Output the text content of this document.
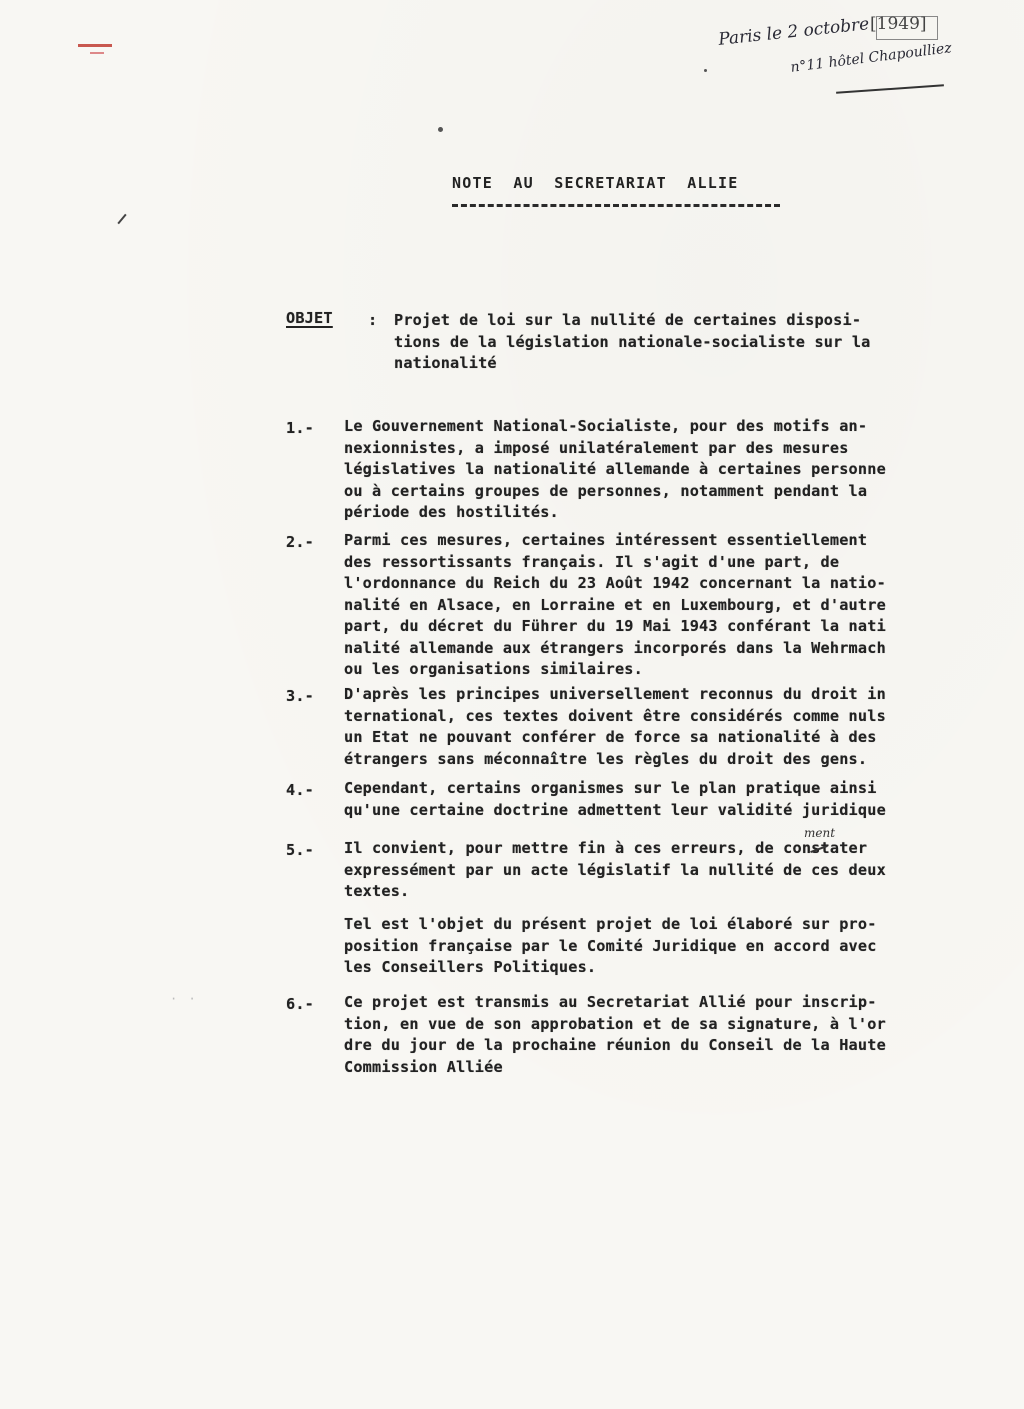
· ·
Paris le 2 octobre [1949]
n°11 hôtel Chapoulliez
NOTE  AU  SECRETARIAT  ALLIE
OBJET : Projet de loi sur la nullité de certaines disposi-
tions de la législation nationale-socialiste sur la
nationalité
1.- Le Gouvernement National-Socialiste, pour des motifs an-
nexionnistes, a imposé unilatéralement par des mesures
législatives la nationalité allemande à certaines personne
ou à certains groupes de personnes, notamment pendant la
période des hostilités.
2.- Parmi ces mesures, certaines intéressent essentiellement
des ressortissants français. Il s'agit d'une part, de
l'ordonnance du Reich du 23 Août 1942 concernant la natio-
nalité en Alsace, en Lorraine et en Luxembourg, et d'autre
part, du décret du Führer du 19 Mai 1943 conférant la nati
nalité allemande aux étrangers incorporés dans la Wehrmach
ou les organisations similaires.
3.- D'après les principes universellement reconnus du droit in
ternational, ces textes doivent être considérés comme nuls
un Etat ne pouvant conférer de force sa nationalité à des
étrangers sans méconnaître les règles du droit des gens.
4.- Cependant, certains organismes sur le plan pratique ainsi
qu'une certaine doctrine admettent leur validité juridique
5.-
ment
Il convient, pour mettre fin à ces erreurs, de constater
expressément par un acte législatif la nullité de ces deux
textes.
Tel est l'objet du présent projet de loi élaboré sur pro-
position française par le Comité Juridique en accord avec
les Conseillers Politiques.
6.- Ce projet est transmis au Secretariat Allié pour inscrip-
tion, en vue de son approbation et de sa signature, à l'or
dre du jour de la prochaine réunion du Conseil de la Haute
Commission Alliée
